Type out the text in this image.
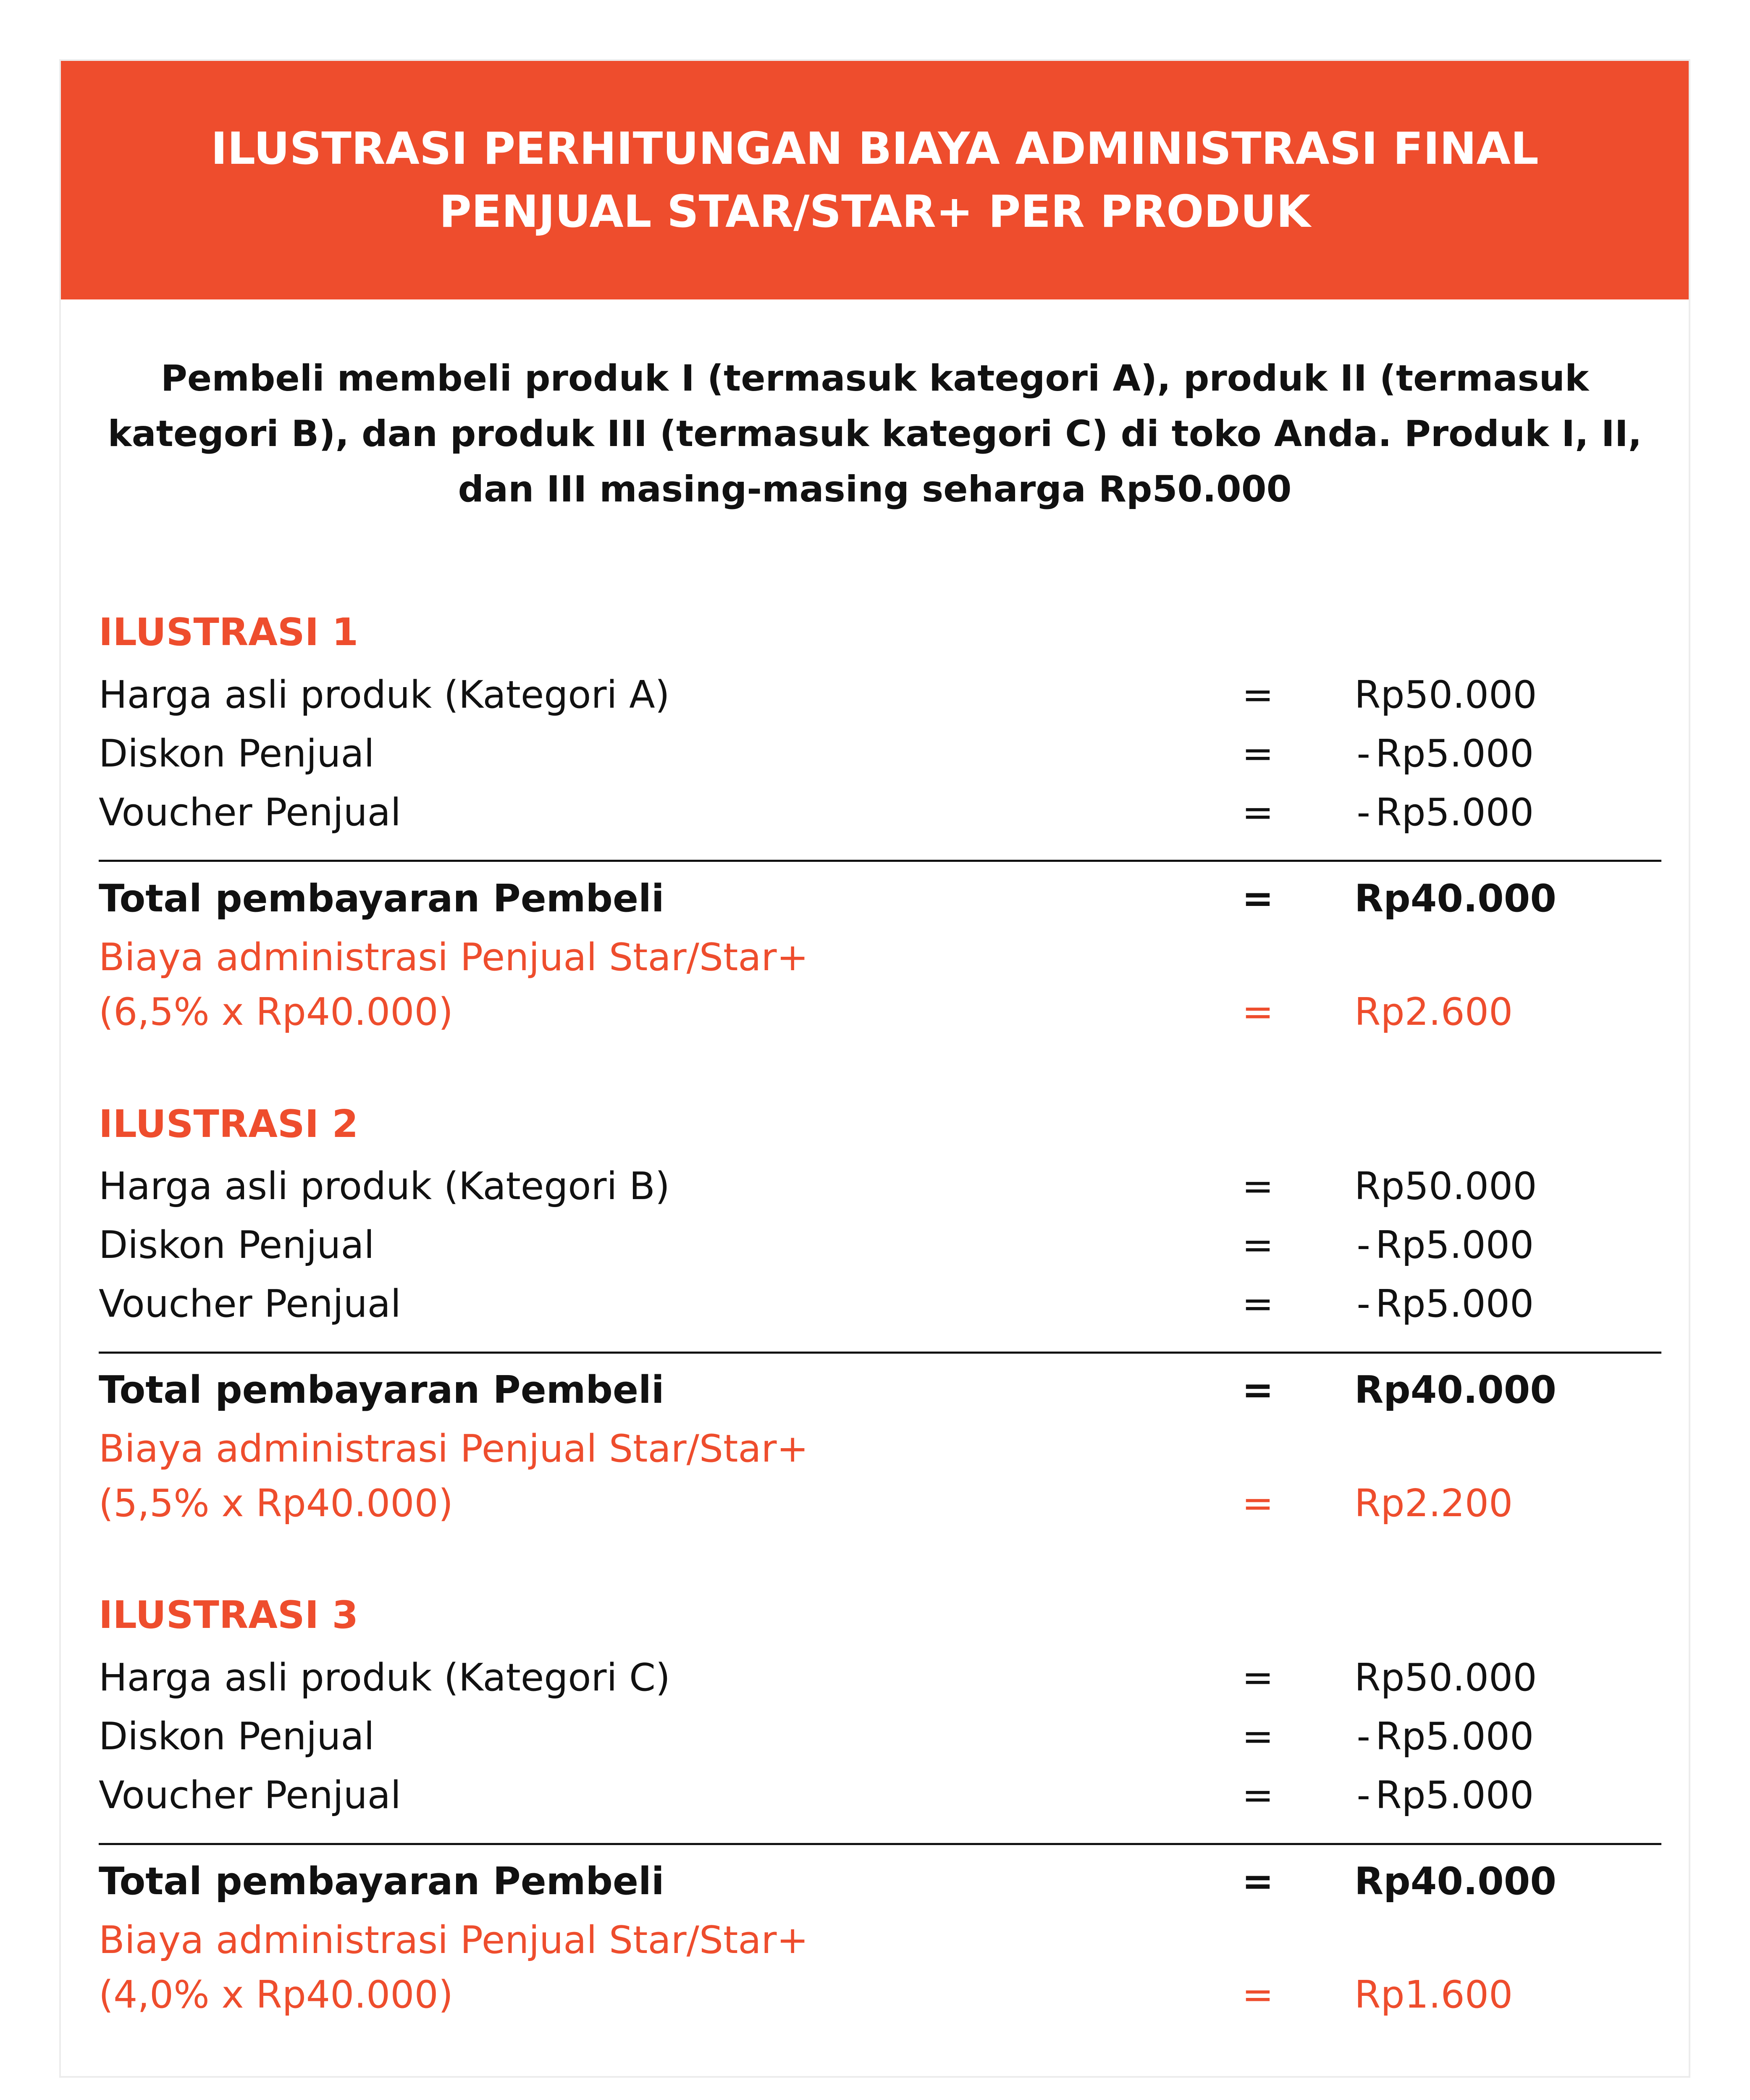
ILUSTRASI PERHITUNGAN BIAYA ADMINISTRASI FINAL
PENJUAL STAR/STAR+ PER PRODUK
Pembeli membeli produk I (termasuk kategori A), produk II (termasuk
kategori B), dan produk III (termasuk kategori C) di toko Anda. Produk I, II,
dan III masing-masing seharga Rp50.000
ILUSTRASI 1
Harga asli produk (Kategori A)	=	Rp50.000
Diskon Penjual	=	- Rp5.000
Voucher Penjual	=	- Rp5.000
Total pembayaran Pembeli	=	Rp40.000
Biaya administrasi Penjual Star/Star+
(6,5% x Rp40.000)	=	Rp2.600
ILUSTRASI 2
Harga asli produk (Kategori B)	=	Rp50.000
Diskon Penjual	=	- Rp5.000
Voucher Penjual	=	- Rp5.000
Total pembayaran Pembeli	=	Rp40.000
Biaya administrasi Penjual Star/Star+
(5,5% x Rp40.000)	=	Rp2.200
ILUSTRASI 3
Harga asli produk (Kategori C)	=	Rp50.000
Diskon Penjual	=	- Rp5.000
Voucher Penjual	=	- Rp5.000
Total pembayaran Pembeli	=	Rp40.000
Biaya administrasi Penjual Star/Star+
(4,0% x Rp40.000)	=	Rp1.600
